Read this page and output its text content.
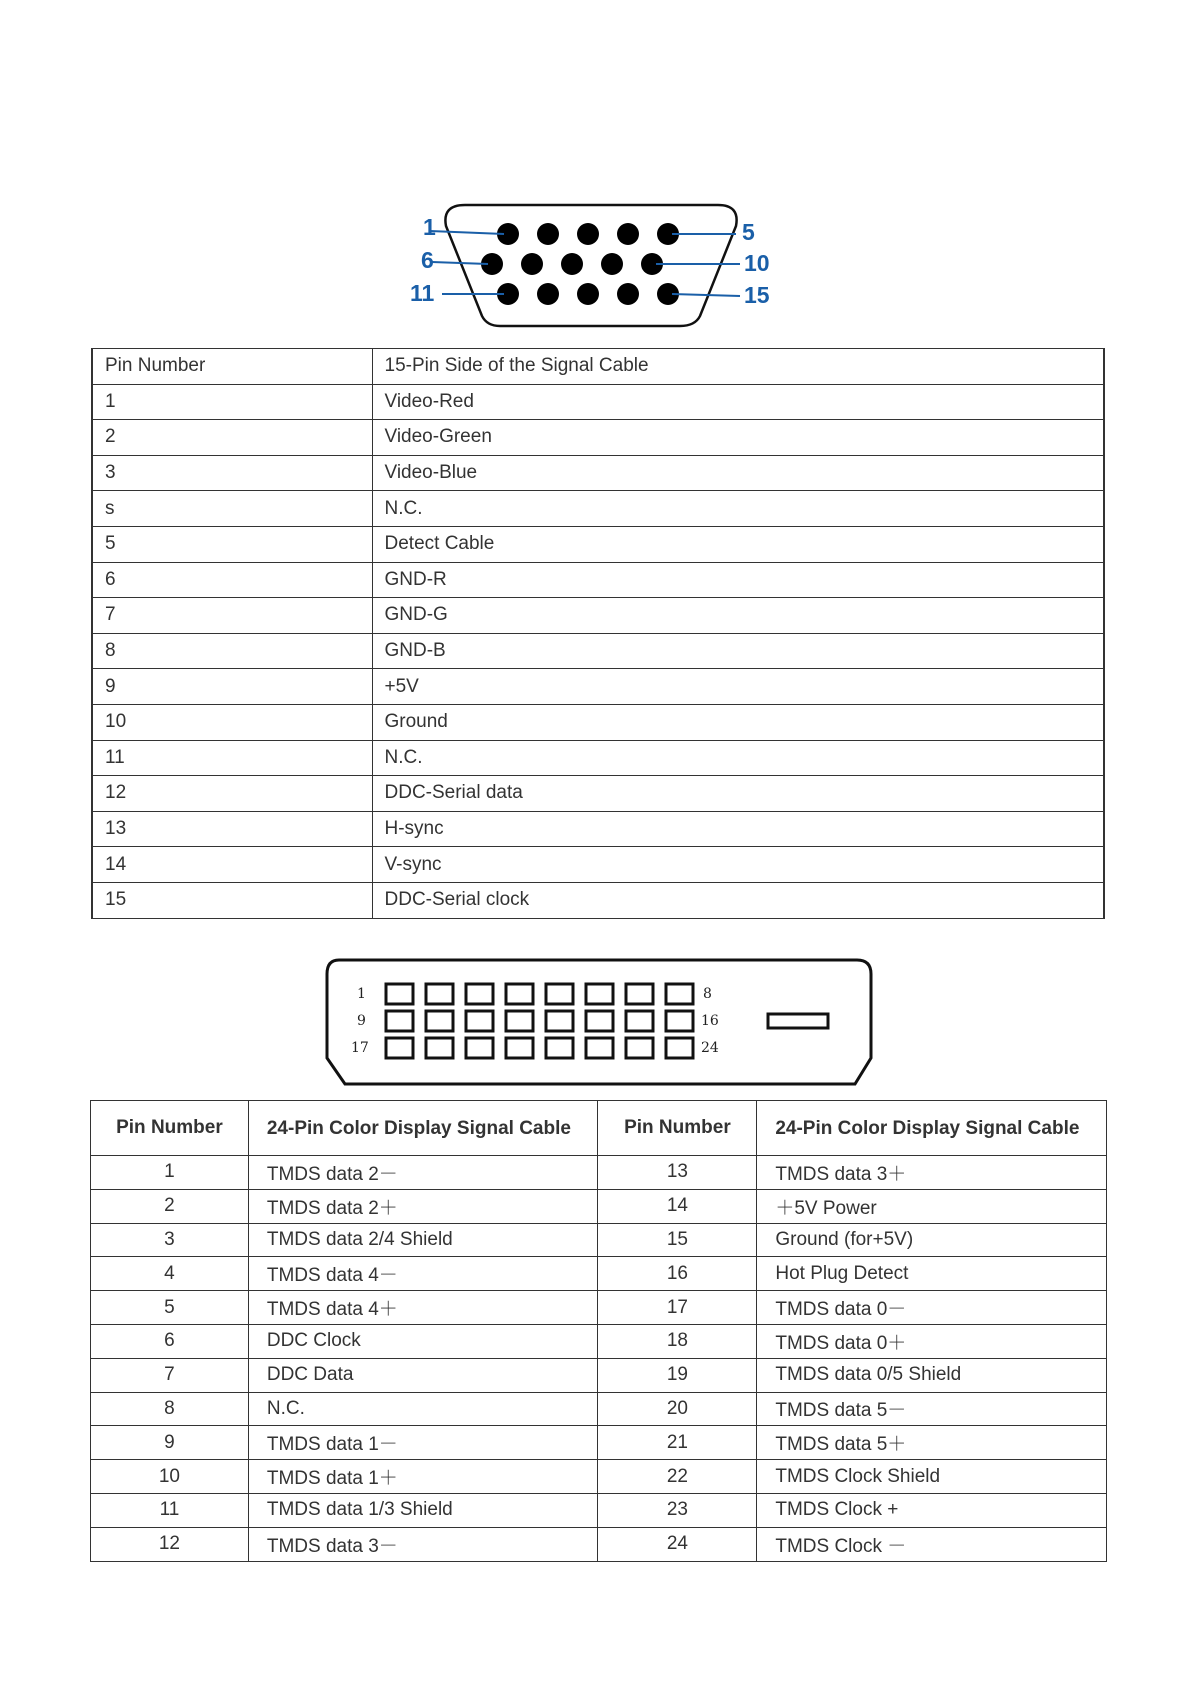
1
6
11
5
10
15
Pin Number	15-Pin Side of the Signal Cable
1	Video-Red
2	Video-Green
3	Video-Blue
s	N.C.
5	Detect Cable
6	GND-R
7	GND-G
8	GND-B
9	+5V
10	Ground
11	N.C.
12	DDC-Serial data
13	H-sync
14	V-sync
15	DDC-Serial clock
1
9
17
8
16
24
Pin Number	24-Pin Color Display Signal Cable	Pin Number	24-Pin Color Display Signal Cable
1	TMDS data 2－	13	TMDS data 3＋
2	TMDS data 2＋	14	＋5V Power
3	TMDS data 2/4 Shield	15	Ground (for+5V)
4	TMDS data 4－	16	Hot Plug Detect
5	TMDS data 4＋	17	TMDS data 0－
6	DDC Clock	18	TMDS data 0＋
7	DDC Data	19	TMDS data 0/5 Shield
8	N.C.	20	TMDS data 5－
9	TMDS data 1－	21	TMDS data 5＋
10	TMDS data 1＋	22	TMDS Clock Shield
11	TMDS data 1/3 Shield	23	TMDS Clock +
12	TMDS data 3－	24	TMDS Clock －
